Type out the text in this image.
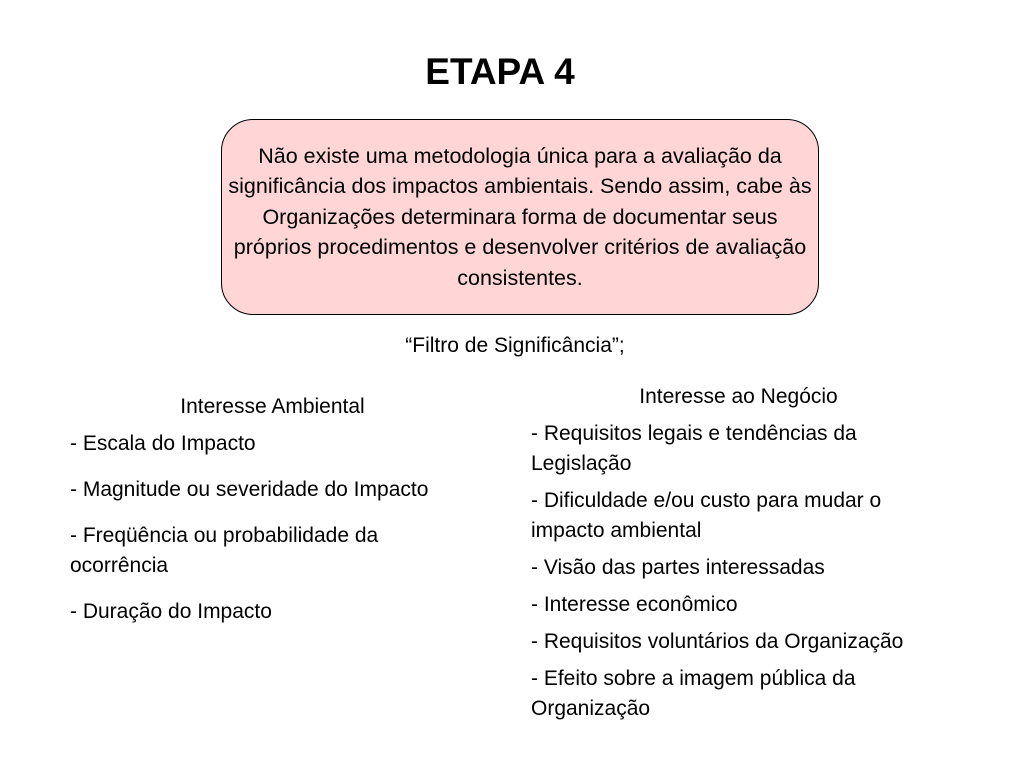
ETAPA 4

Não existe uma metodologia única para a avaliação da significância dos impactos ambientais. Sendo assim, cabe às Organizações determinara forma de documentar seus próprios procedimentos e desenvolver critérios de avaliação consistentes.

“Filtro de Significância”;

Interesse Ambiental

- Escala do Impacto
- Magnitude ou severidade do Impacto
- Freqüência ou probabilidade da ocorrência
- Duração do Impacto

Interesse ao Negócio

- Requisitos legais e tendências da Legislação
- Dificuldade e/ou custo para mudar o impacto ambiental
- Visão das partes interessadas
- Interesse econômico
- Requisitos voluntários da Organização
- Efeito sobre a imagem pública da Organização
